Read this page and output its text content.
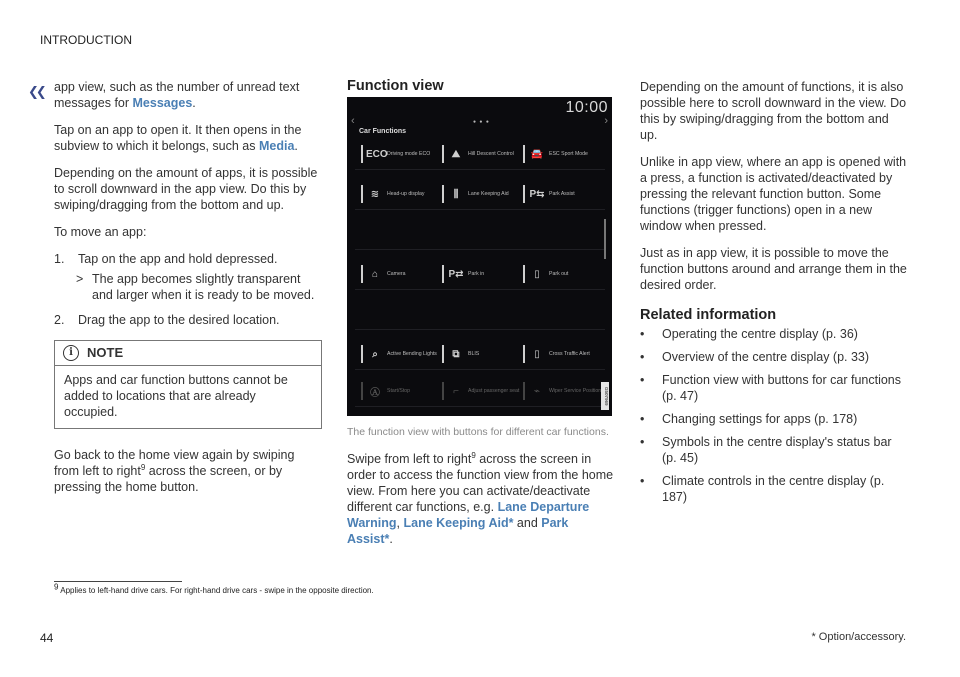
INTRODUCTION
❮❮ app view, such as the number of unread text messages for Messages.

Tap on an app to open it. It then opens in the subview to which it belongs, such as Media.

Depending on the amount of apps, it is possible to scroll downward in the app view. Do this by swiping/dragging from the bottom and up.

To move an app:

1. Tap on the app and hold depressed.
> The app becomes slightly transparent and larger when it is ready to be moved.
2. Drag the app to the desired location.
i	NOTE
Apps and car function buttons cannot be added to locations that are already occupied.

Go back to the home view again by swiping from left to right$^9$ across the screen, or by pressing the home button.

Function view
10:00
‹	›
● ● ●
Car Functions
ECO Driving mode ECO	⛰	Hill Descent Control 🚘	ESC Sport Mode
≋	Head-up display	⫼	Lane Keeping Aid P⇆ Park Assist
⌂	Camera	P⇄ Park in	▯	Park out
⌕	Active Bending Lights	⧉	BLIS	▯	Cross Traffic Alert
Ⓐ	Start/Stop	⌐	Adjust passenger seat	⌁	Wiper Service Position G507969
The function view with buttons for different car functions.

Swipe from left to right$^9$ across the screen in order to access the function view from the home view. From here you can activate/deactivate different car functions, e.g. Lane Departure Warning, Lane Keeping Aid* and Park Assist*.

Depending on the amount of functions, it is also possible here to scroll downward in the view. Do this by swiping/dragging from the bottom and up.

Unlike in app view, where an app is opened with a press, a function is activated/deactivated by pressing the relevant function button. Some functions (trigger functions) open in a new window when pressed.

Just as in app view, it is possible to move the function buttons around and arrange them in the desired order.

Related information
• Operating the centre display (p. 36)
• Overview of the centre display (p. 33)
• Function view with buttons for car functions (p. 47)
• Changing settings for apps (p. 178)
• Symbols in the centre display's status bar (p. 45)
• Climate controls in the centre display (p. 187)
$^9$ Applies to left-hand drive cars. For right-hand drive cars - swipe in the opposite direction.
44	* Option/accessory.
